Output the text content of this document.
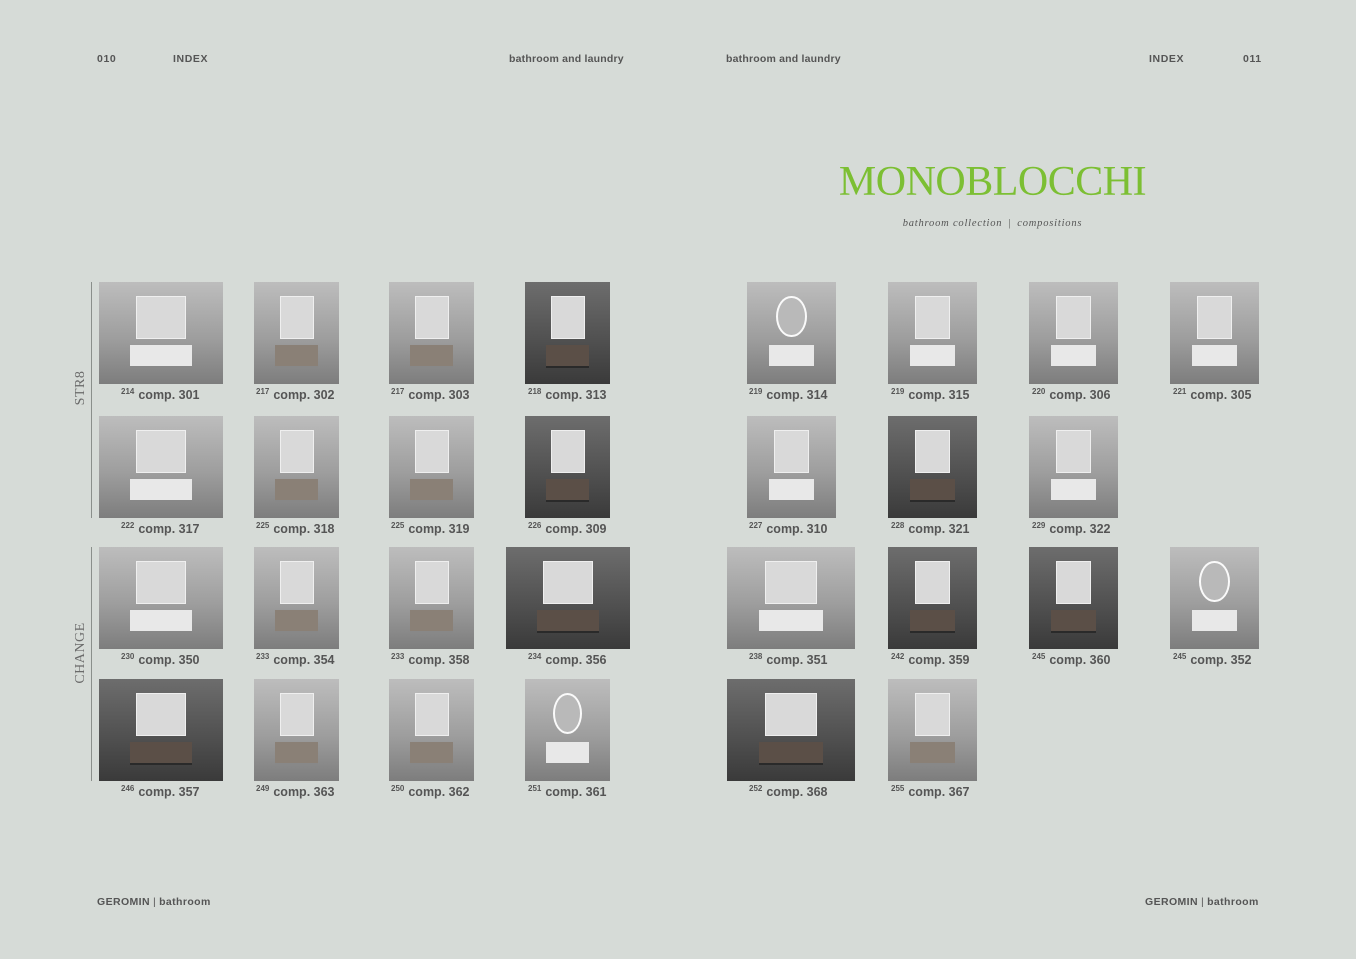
010	INDEX	bathroom and laundry	bathroom and laundry	INDEX	011
MONOBLOCCHI
bathroom collection | compositions
STR8
CHANGE
$^{214}$ comp. 301	$^{217}$ comp. 302	$^{217}$ comp. 303	$^{218}$ comp. 313
$^{222}$ comp. 317	$^{225}$ comp. 318	$^{225}$ comp. 319	$^{226}$ comp. 309
$^{230}$ comp. 350	$^{233}$ comp. 354	$^{233}$ comp. 358	$^{234}$ comp. 356
$^{246}$ comp. 357	$^{249}$ comp. 363	$^{250}$ comp. 362	$^{251}$ comp. 361
$^{219}$ comp. 314	$^{219}$ comp. 315	$^{220}$ comp. 306	$^{221}$ comp. 305
$^{227}$ comp. 310	$^{228}$ comp. 321	$^{229}$ comp. 322
$^{238}$ comp. 351	$^{242}$ comp. 359	$^{245}$ comp. 360	$^{245}$ comp. 352
$^{252}$ comp. 368	$^{255}$ comp. 367
GEROMIN | bathroom	GEROMIN | bathroom
